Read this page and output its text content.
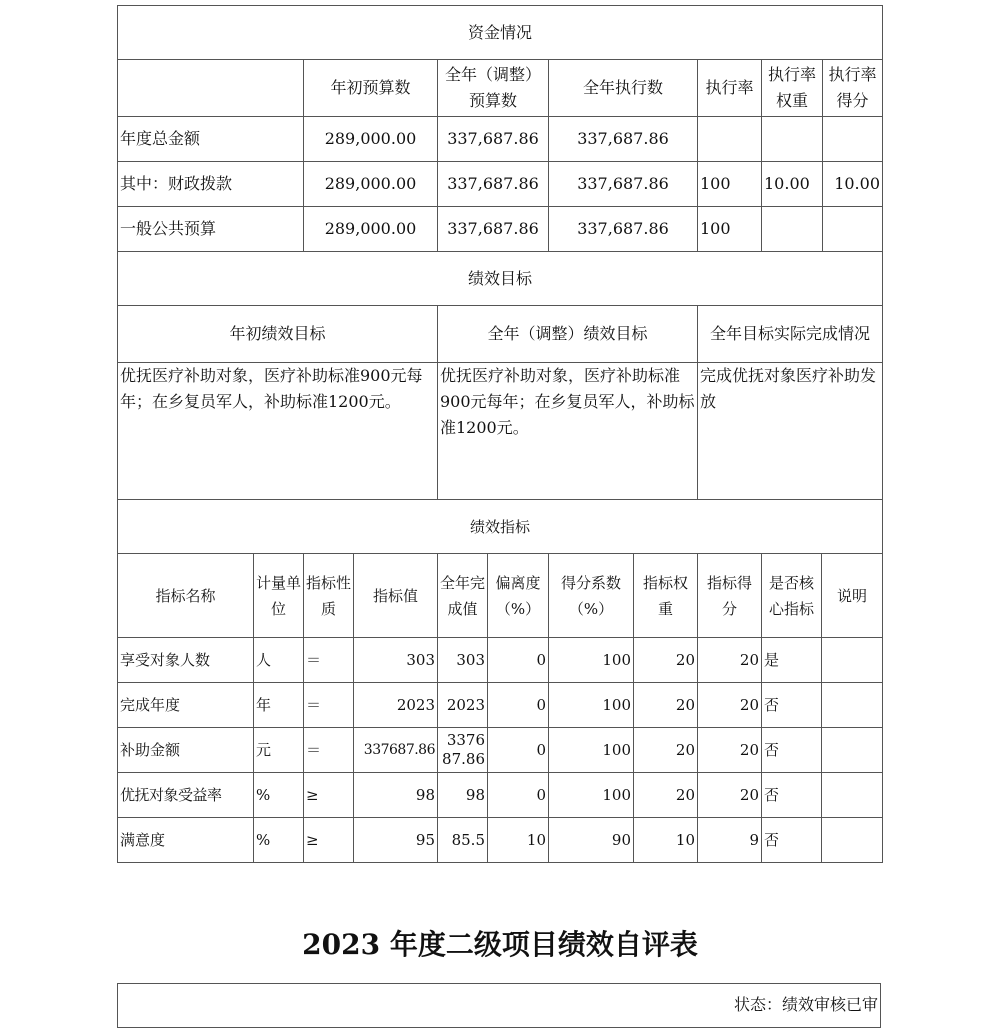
资金情况						
	年初预算数	全年（调整）预算数	全年执行数	执行率	执行率权重	执行率得分
年度总金额	289,000.00	337,687.86	337,687.86			
其中：财政拨款	289,000.00	337,687.86	337,687.86	100	10.00	10.00
一般公共预算	289,000.00	337,687.86	337,687.86	100		
绩效目标		
年初绩效目标	全年（调整）绩效目标	全年目标实际完成情况
优抚医疗补助对象，医疗补助标准900元每年；在乡复员军人，补助标准1200元。	优抚医疗补助对象，医疗补助标准900元每年；在乡复员军人，补助标准1200元。	完成优抚对象医疗补助发放
绩效指标										
指标名称	计量单位	指标性质	指标值	全年完成值	偏离度（%）	得分系数（%）	指标权重	指标得分	是否核心指标	说明
享受对象人数	人	＝	303	303	0	100	20	20	是	
完成年度	年	＝	2023	2023	0	100	20	20	否	
补助金额	元	＝	337687.86	337687.86	0	100	20	20	否	
优抚对象受益率	%	≥	98	98	0	100	20	20	否	
满意度	%	≥	95	85.5	10	90	10	9	否	
2023 年度二级项目绩效自评表
状态：绩效审核已审
